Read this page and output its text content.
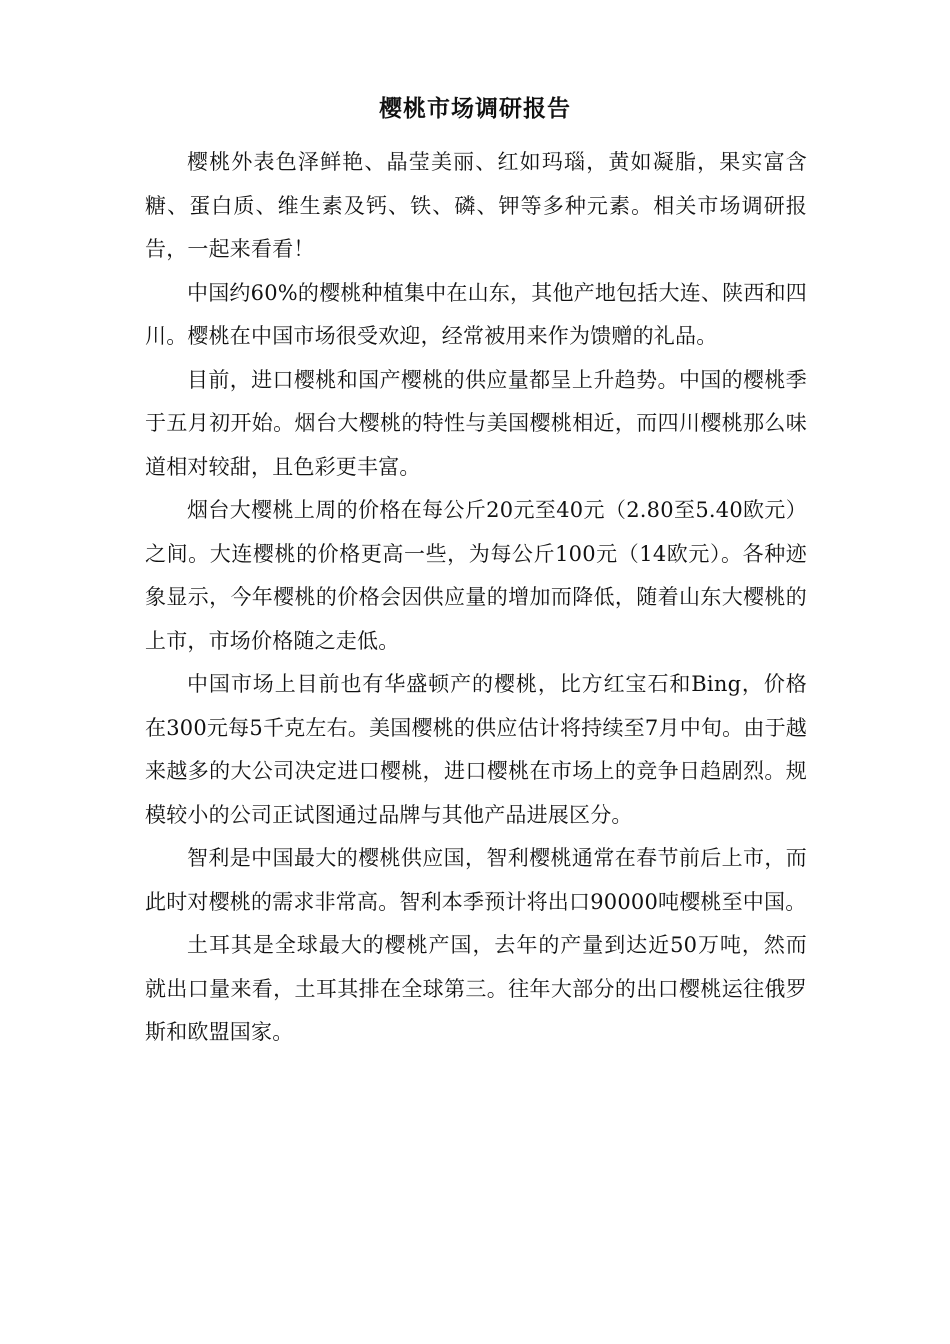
樱桃市场调研报告

樱桃外表色泽鲜艳、晶莹美丽、红如玛瑙，黄如凝脂，果实富含糖、蛋白质、维生素及钙、铁、磷、钾等多种元素。相关市场调研报告，一起来看看！

中国约60%的樱桃种植集中在山东，其他产地包括大连、陕西和四川。樱桃在中国市场很受欢迎，经常被用来作为馈赠的礼品。

目前，进口樱桃和国产樱桃的供应量都呈上升趋势。中国的樱桃季于五月初开始。烟台大樱桃的特性与美国樱桃相近，而四川樱桃那么味道相对较甜，且色彩更丰富。

烟台大樱桃上周的价格在每公斤20元至40元（2.80至5.40欧元）之间。大连樱桃的价格更高一些，为每公斤100元（14欧元）。各种迹象显示，今年樱桃的价格会因供应量的增加而降低，随着山东大樱桃的上市，市场价格随之走低。

中国市场上目前也有华盛顿产的樱桃，比方红宝石和Bing，价格在300元每5千克左右。美国樱桃的供应估计将持续至7月中旬。由于越来越多的大公司决定进口樱桃，进口樱桃在市场上的竞争日趋剧烈。规模较小的公司正试图通过品牌与其他产品进展区分。

智利是中国最大的樱桃供应国，智利樱桃通常在春节前后上市，而此时对樱桃的需求非常高。智利本季预计将出口90000吨樱桃至中国。

土耳其是全球最大的樱桃产国，去年的产量到达近50万吨，然而就出口量来看，土耳其排在全球第三。往年大部分的出口樱桃运往俄罗斯和欧盟国家。
